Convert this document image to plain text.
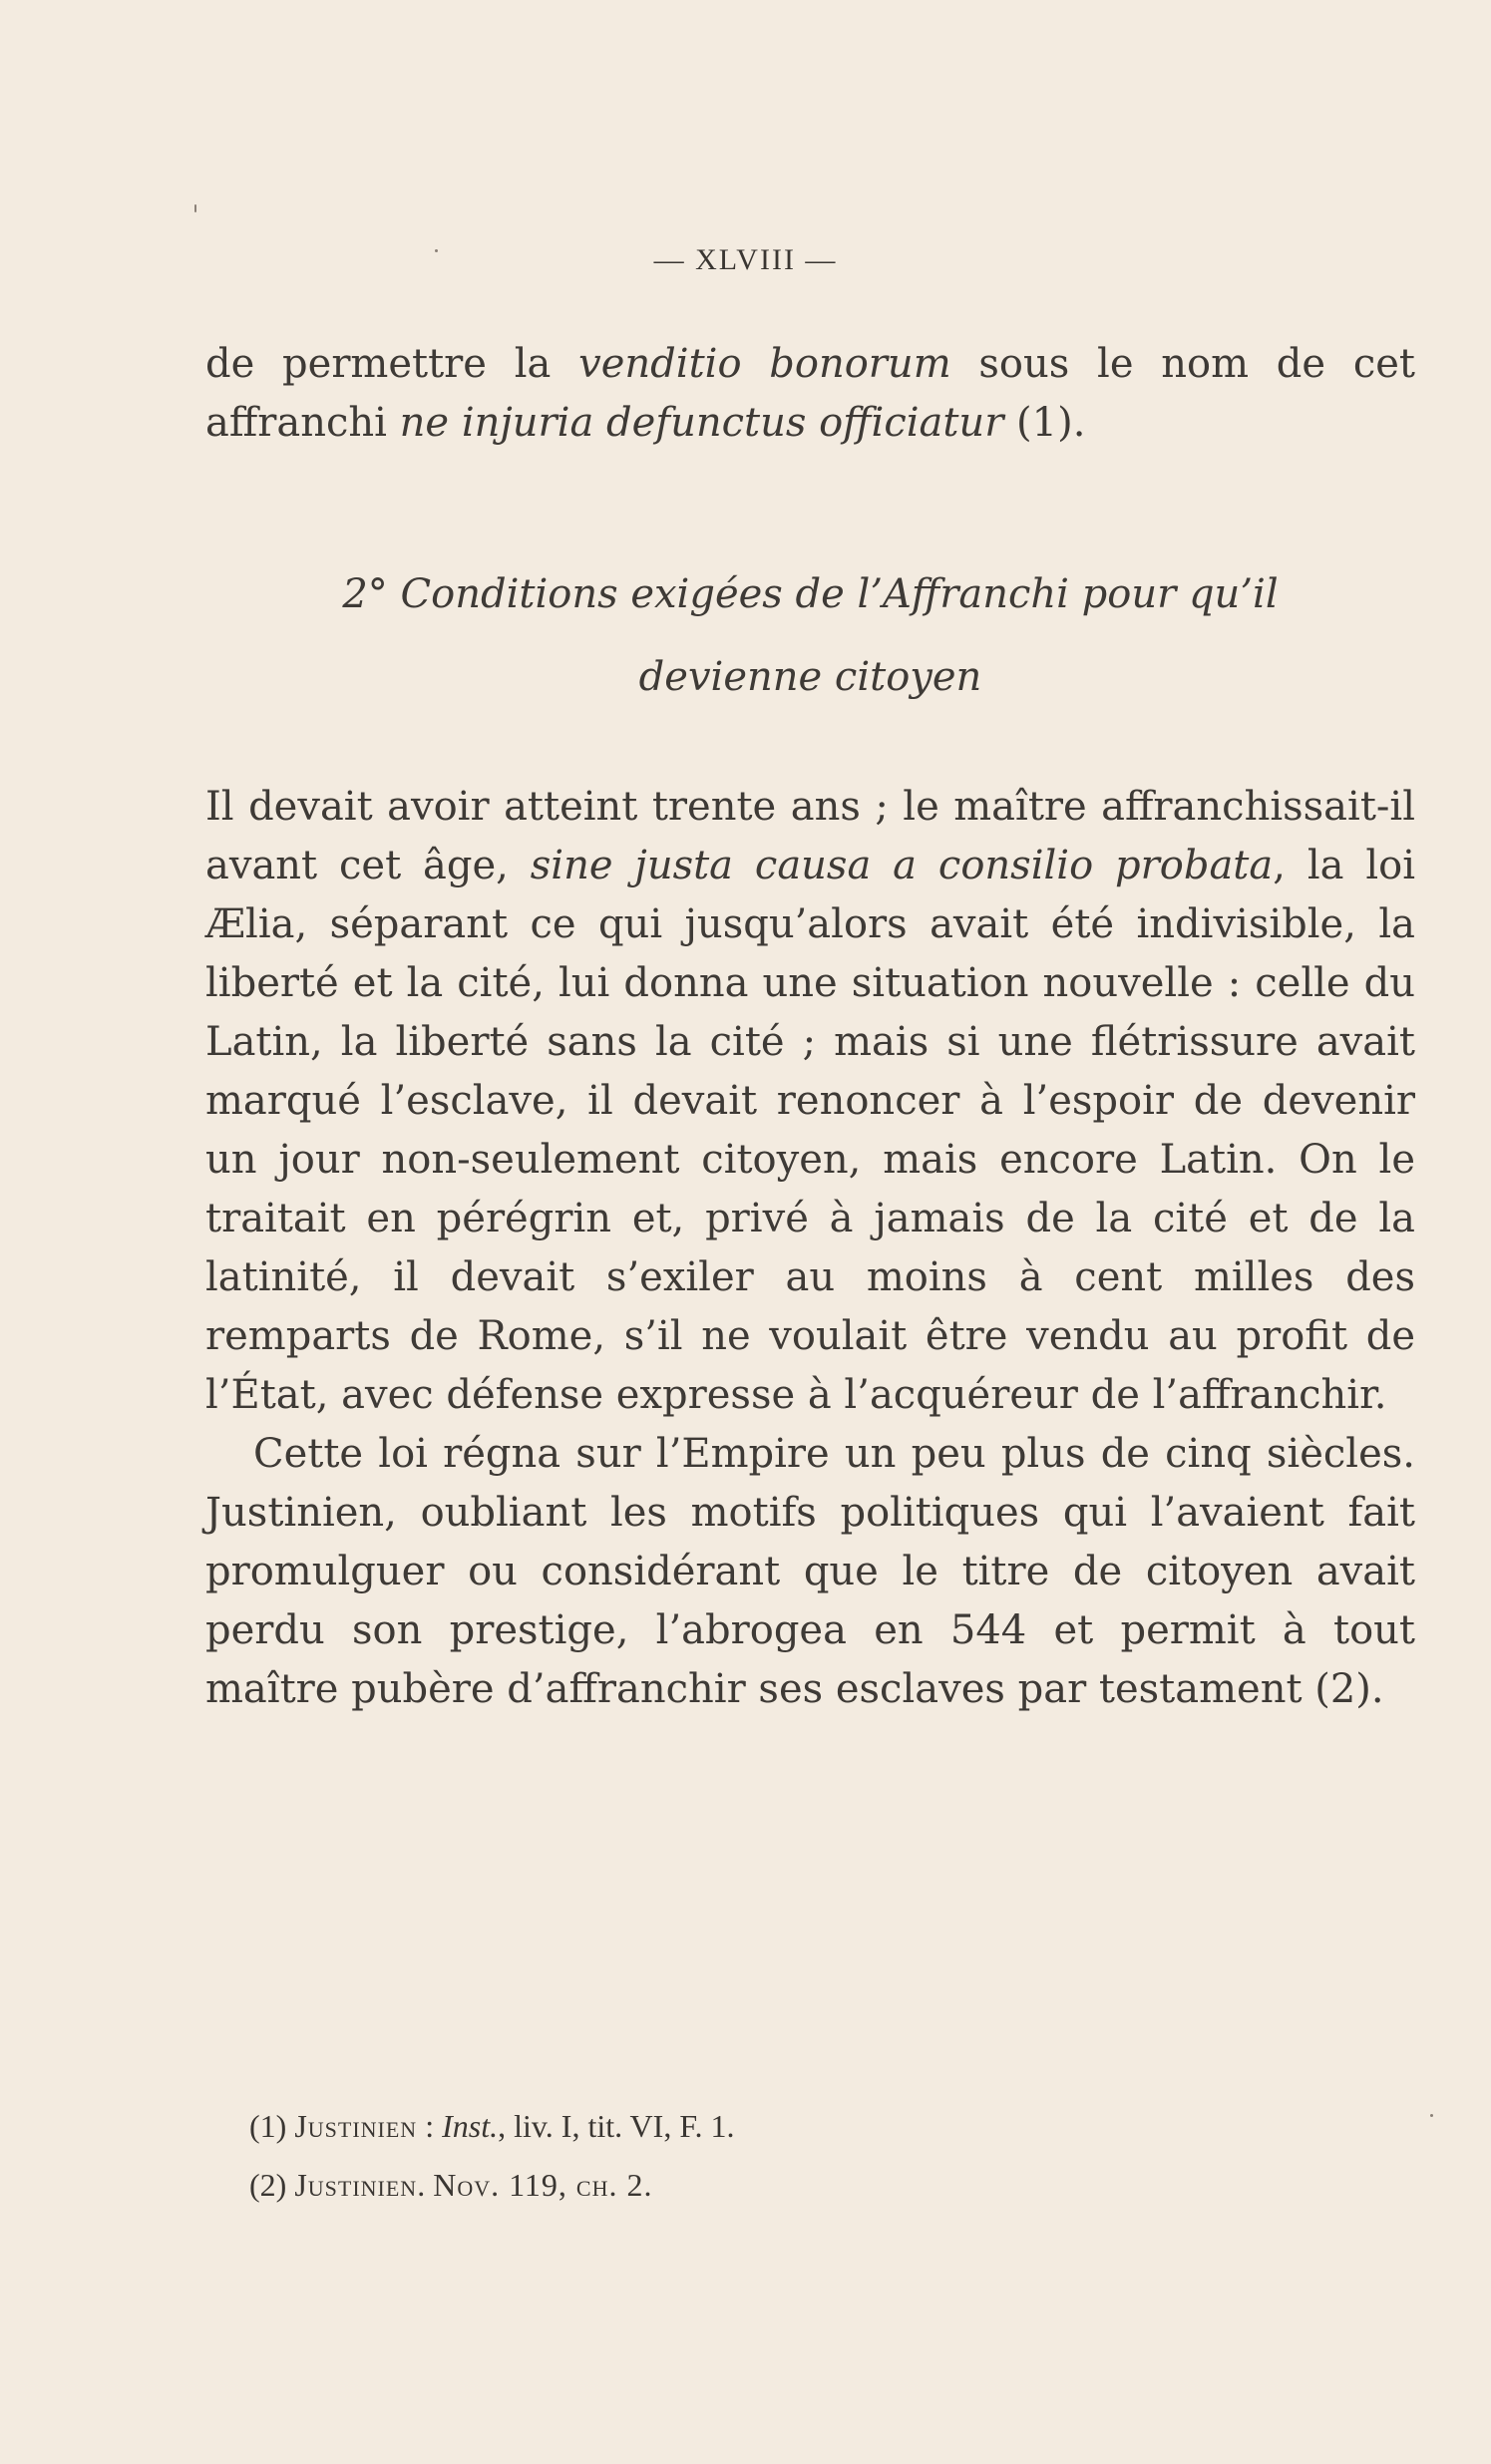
— XLVIII —

de permettre la venditio bonorum sous le nom de cet affranchi ne injuria defunctus officiatur (1).

2° Conditions exigées de l’Affranchi pour qu’il
devienne citoyen

Il devait avoir atteint trente ans ; le maître affranchissait-il avant cet âge, sine justa causa a consilio probata, la loi Ælia, séparant ce qui jusqu’alors avait été indivisible, la liberté et la cité, lui donna une situation nouvelle : celle du Latin, la liberté sans la cité ; mais si une flétrissure avait marqué l’esclave, il devait renoncer à l’espoir de devenir un jour non-seulement citoyen, mais encore Latin. On le traitait en pérégrin et, privé à jamais de la cité et de la latinité, il devait s’exiler au moins à cent milles des remparts de Rome, s’il ne voulait être vendu au profit de l’État, avec défense expresse à l’acquéreur de l’affranchir.

Cette loi régna sur l’Empire un peu plus de cinq siècles. Justinien, oubliant les motifs politiques qui l’avaient fait promulguer ou considérant que le titre de citoyen avait perdu son prestige, l’abrogea en 544 et permit à tout maître pubère d’affranchir ses esclaves par testament (2).

(1) Justinien : Inst., liv. I, tit. VI, F. 1.
(2) Justinien. Nov. 119, ch. 2.
